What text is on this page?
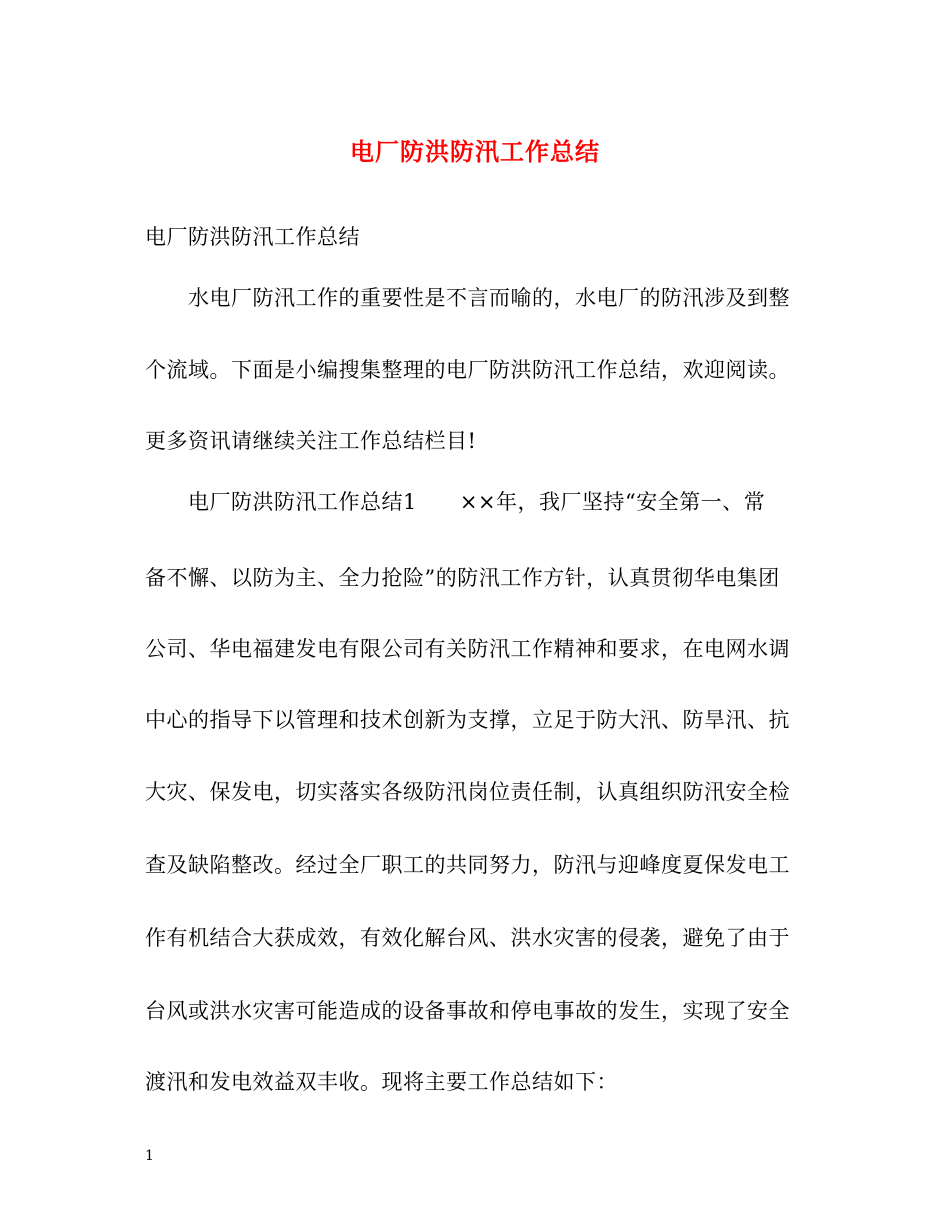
电厂防洪防汛工作总结
电厂防洪防汛工作总结
　　水电厂防汛工作的重要性是不言而喻的，水电厂的防汛涉及到整
个流域。下面是小编搜集整理的电厂防洪防汛工作总结，欢迎阅读。
更多资讯请继续关注工作总结栏目!
　　电厂防洪防汛工作总结1　　××年，我厂坚持“安全第一、常
备不懈、以防为主、全力抢险”的防汛工作方针，认真贯彻华电集团
公司、华电福建发电有限公司有关防汛工作精神和要求，在电网水调
中心的指导下以管理和技术创新为支撑，立足于防大汛、防旱汛、抗
大灾、保发电，切实落实各级防汛岗位责任制，认真组织防汛安全检
查及缺陷整改。经过全厂职工的共同努力，防汛与迎峰度夏保发电工
作有机结合大获成效，有效化解台风、洪水灾害的侵袭，避免了由于
台风或洪水灾害可能造成的设备事故和停电事故的发生，实现了安全
渡汛和发电效益双丰收。现将主要工作总结如下：
1
